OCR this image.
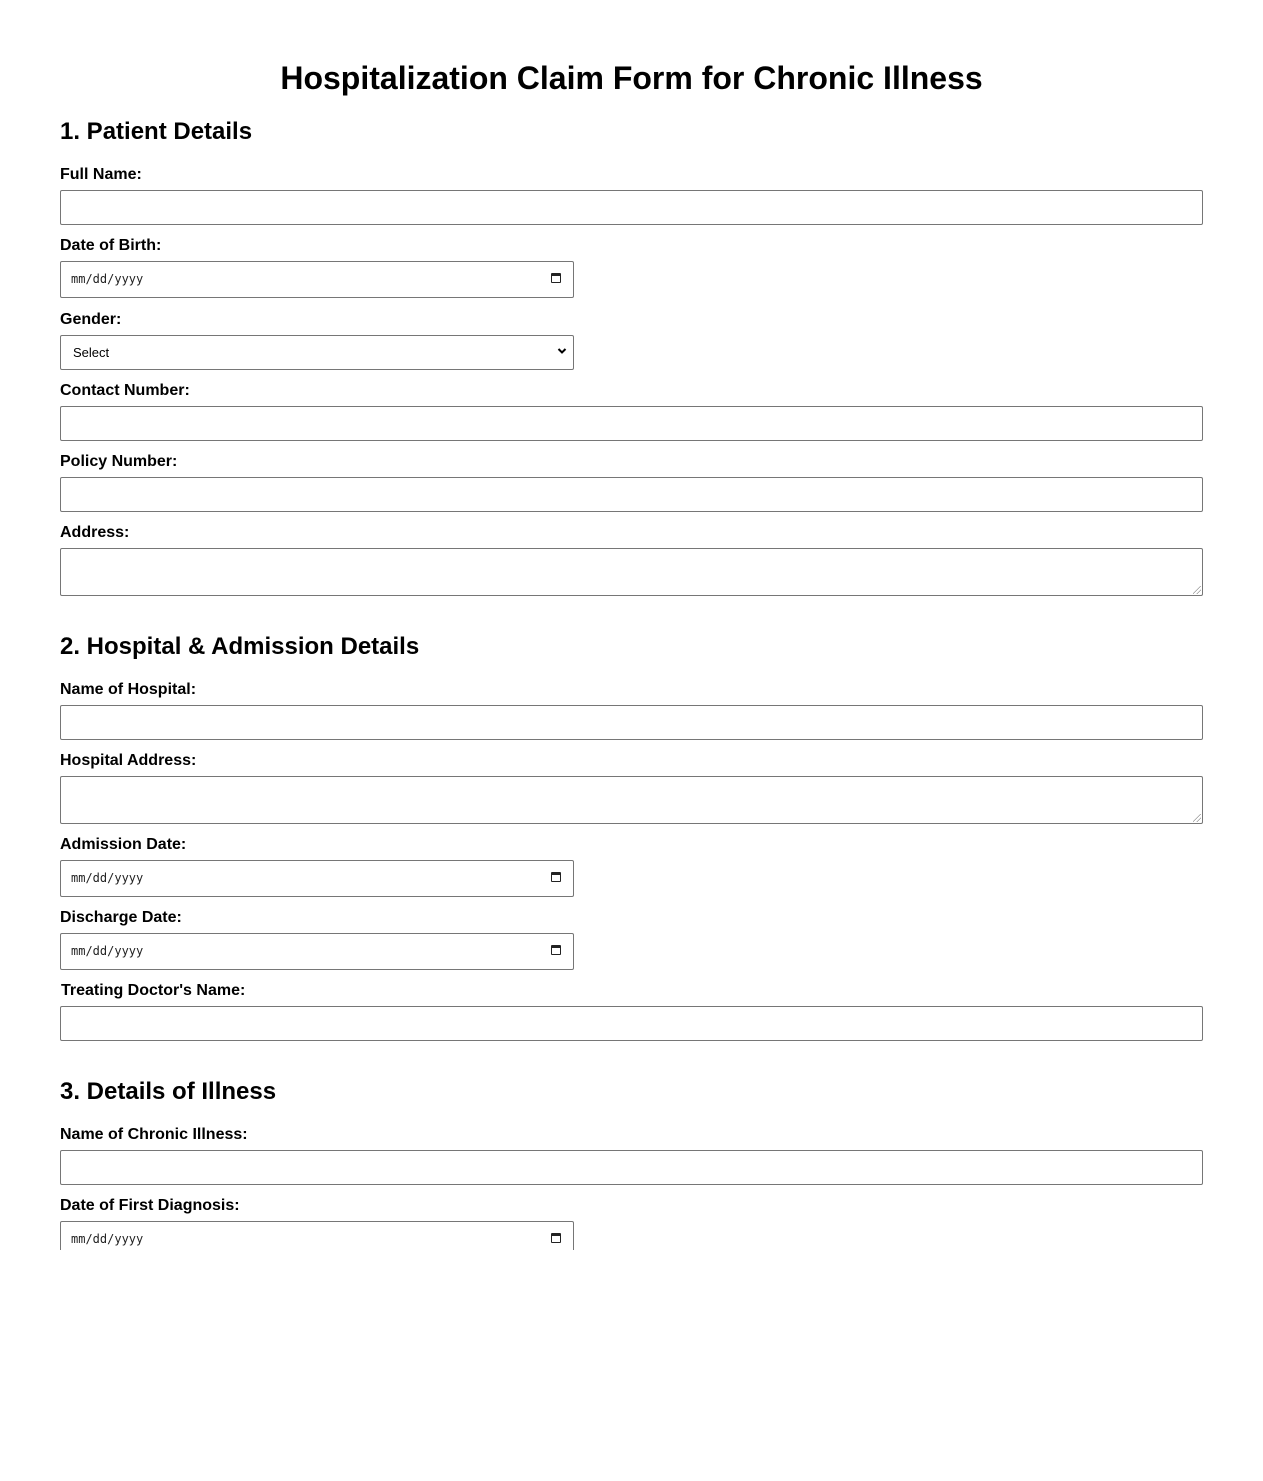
Hospitalization Claim Form for Chronic Illness
1. Patient Details
Full Name:
Date of Birth:
mm/dd/yyyy
Gender:
Select
Contact Number:
Policy Number:
Address:
2. Hospital & Admission Details
Name of Hospital:
Hospital Address:
Admission Date:
mm/dd/yyyy
Discharge Date:
mm/dd/yyyy
Treating Doctor's Name:
3. Details of Illness
Name of Chronic Illness:
Date of First Diagnosis:
mm/dd/yyyy
